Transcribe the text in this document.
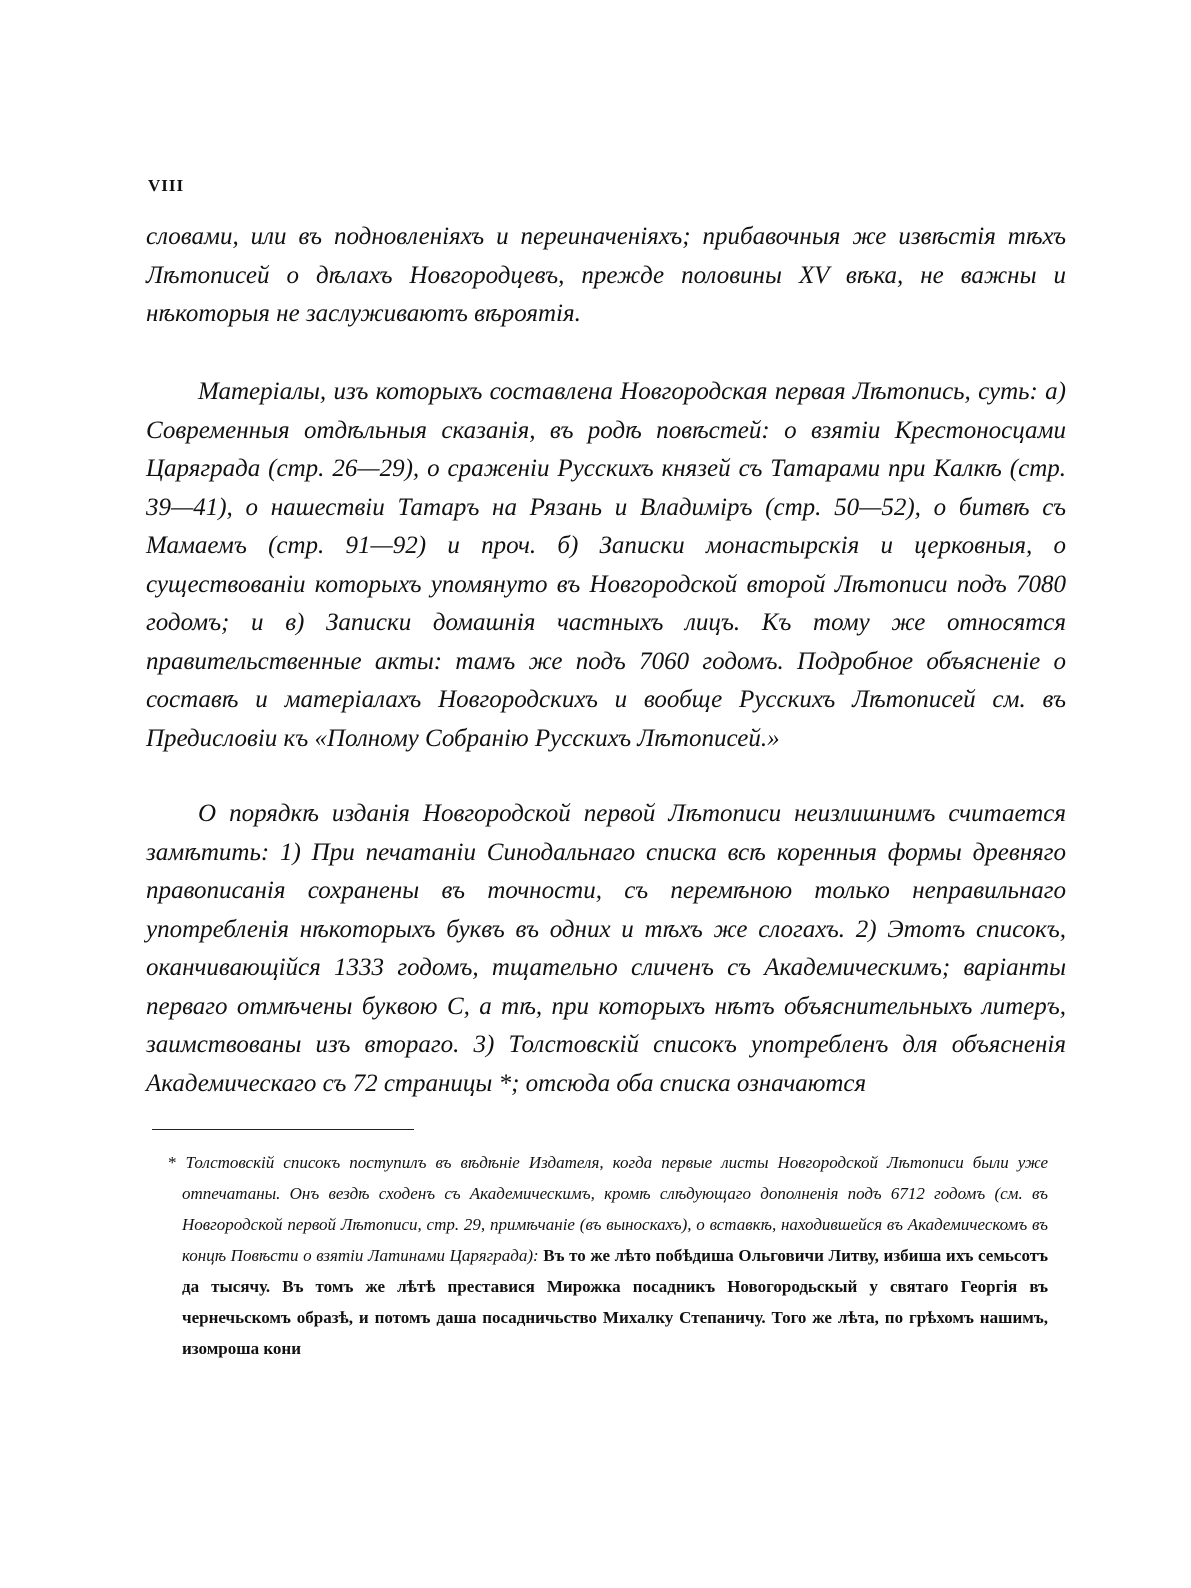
VIII
словами, или въ подновленіяхъ и переиначеніяхъ; прибавочныя же извѣстія тѣхъ Лѣтописей о дѣлахъ Новгородцевъ, прежде половины XV вѣка, не важны и нѣкоторыя не заслуживаютъ вѣроятія.
Матеріалы, изъ которыхъ составлена Новгородская первая Лѣтопись, суть: а) Современныя отдѣльныя сказанія, въ родѣ повѣстей: о взятіи Крестоносцами Царяграда (стр. 26—29), о сраженіи Русскихъ князей съ Татарами при Калкѣ (стр. 39—41), о нашествіи Татаръ на Рязань и Владиміръ (стр. 50—52), о битвѣ съ Мамаемъ (стр. 91—92) и проч. б) Записки монастырскія и церковныя, о существованіи которыхъ упомянуто въ Новгородской второй Лѣтописи подъ 7080 годомъ; и в) Записки домашнія частныхъ лицъ. Къ тому же относятся правительственные акты: тамъ же подъ 7060 годомъ. Подробное объясненіе о составѣ и матеріалахъ Новгородскихъ и вообще Русскихъ Лѣтописей см. въ Предисловіи къ «Полному Собранію Русскихъ Лѣтописей.»
О порядкѣ изданія Новгородской первой Лѣтописи неизлишнимъ считается замѣтить: 1) При печатаніи Синодальнаго списка всѣ коренныя формы древняго правописанія сохранены въ точности, съ перемѣною только неправильнаго употребленія нѣкоторыхъ буквъ въ одних и тѣхъ же слогахъ. 2) Этотъ списокъ, оканчивающійся 1333 годомъ, тщательно сличенъ съ Академическимъ; варіанты перваго отмѣчены буквою С, а тѣ, при которыхъ нѣтъ объяснительныхъ литеръ, заимствованы изъ втораго. 3) Толстовскій списокъ употребленъ для объясненія Академическаго съ 72 страницы *; отсюда оба списка означаются
* Толстовскій списокъ поступилъ въ вѣдѣніе Издателя, когда первые листы Новгородской Лѣтописи были уже отпечатаны. Онъ вездѣ сходенъ съ Академическимъ, кромѣ слѣдующаго дополненія подъ 6712 годомъ (см. въ Новгородской первой Лѣтописи, стр. 29, примѣчаніе (въ выноскахъ), о вставкѣ, находившейся въ Академическомъ въ концѣ Повѣсти о взятіи Латинами Царяграда): Въ то же лѣто побѣдиша Ольговичи Литву, избиша ихъ семьсотъ да тысячу. Въ томъ же лѣтѣ преставися Мирожка посадникъ Новогородьскый у святаго Георгія въ чернечьскомъ образѣ, и потомъ даша посадничьство Михалку Степаничу. Того же лѣта, по грѣхомъ нашимъ, изомроша кони
